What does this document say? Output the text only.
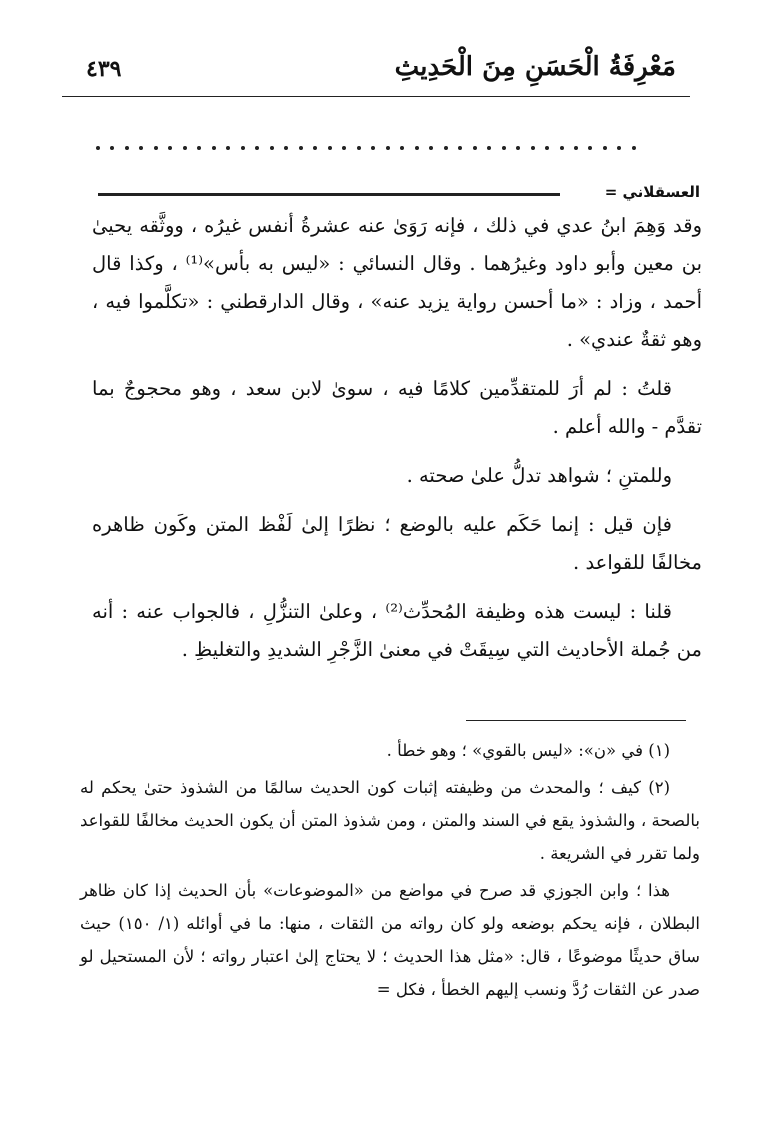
مَعْرِفَةُ الْحَسَنِ مِنَ الْحَدِيثِ
٤٣٩
العسقلاني =

وقد وَهِمَ ابنُ عدي في ذلك ، فإنه رَوَىٰ عنه عشرةُ أنفس غيرُه ، ووثَّقه يحيىٰ بن معين وأبو داود وغيرُهما . وقال النسائي : «ليس به بأس»⁽¹⁾ ، وكذا قال أحمد ، وزاد : «ما أحسن رواية يزيد عنه» ، وقال الدارقطني : «تكلَّموا فيه ، وهو ثقةٌ عندي» .

قلتُ : لم أرَ للمتقدِّمين كلامًا فيه ، سوىٰ لابن سعد ، وهو محجوجٌ بما تقدَّم - والله أعلم .

وللمتنِ ؛ شواهد تدلُّ علىٰ صحته .

فإن قيل : إنما حَكَم عليه بالوضع ؛ نظرًا إلىٰ لَفْظ المتن وكَون ظاهره مخالفًا للقواعد .

قلنا : ليست هذه وظيفة المُحدِّث⁽²⁾ ، وعلىٰ التنزُّلِ ، فالجواب عنه : أنه من جُملة الأحاديث التي سِيقَتْ في معنىٰ الزَّجْرِ الشديدِ والتغليظِ .

(١) في «ن»: «ليس بالقوي» ؛ وهو خطأ .

(٢) كيف ؛ والمحدث من وظيفته إثبات كون الحديث سالمًا من الشذوذ حتىٰ يحكم له بالصحة ، والشذوذ يقع في السند والمتن ، ومن شذوذ المتن أن يكون الحديث مخالفًا للقواعد ولما تقرر في الشريعة .

هذا ؛ وابن الجوزي قد صرح في مواضع من «الموضوعات» بأن الحديث إذا كان ظاهر البطلان ، فإنه يحكم بوضعه ولو كان رواته من الثقات ، منها: ما في أوائله (١/ ١٥٠) حيث ساق حديثًا موضوعًا ، قال: «مثل هذا الحديث ؛ لا يحتاج إلىٰ اعتبار رواته ؛ لأن المستحيل لو صدر عن الثقات رُدَّ ونسب إليهم الخطأ ، فكل =
